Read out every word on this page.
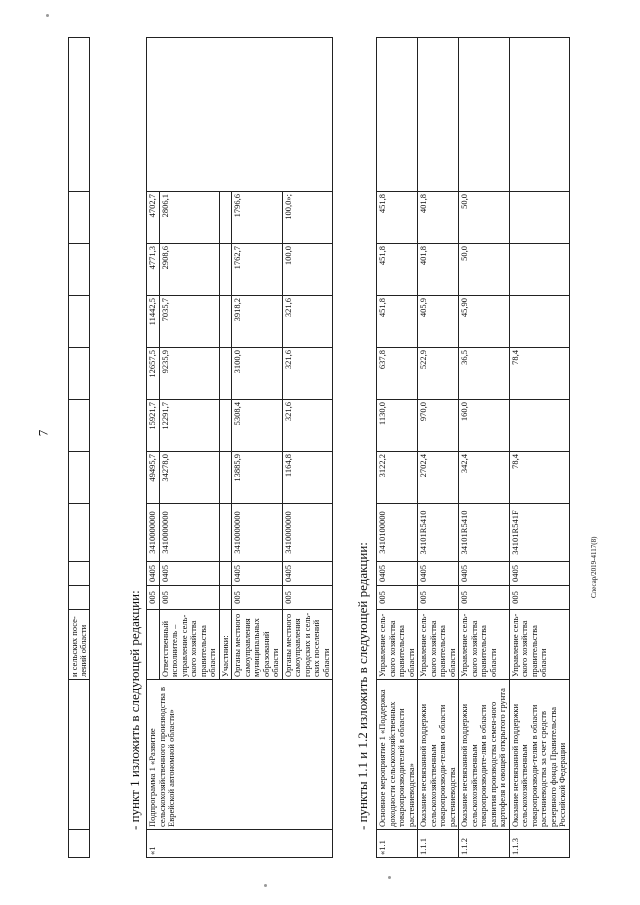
7
		и сельских посе- лений области											- пункт 1 изложить в следующей редакции:
«1	Подпрограмма 1 «Развитие сельскохозяйственного производства в Еврейской автономной области»		005	0405	3410000000	49495,7	15921,7	12657,5	11442,5	4771,3	4702,7	
		Ответственный исполнитель – управление сель-ского хозяйства правительства области	005	0405	3410000000	34278,0	12291,7	9235,9	7035,7	2908,6	2806,1	
		Участники:										
		Органы местного самоуправления муниципальных образований области	005	0405	3410000000	13885,9	5308,4	3100,0	3918,2	1762,7	1796,6	
		Органы местного самоуправления городских и сель-ских поселений области	005	0405	3410000000	1164,8	321,6	321,6	321,6	100,0	100,0»;	
- пункты 1.1 и 1.2 изложить в следующей редакции:
«1.1	Основное мероприятие 1 «Поддержка доходности сельскохозяйственных товаропроизводителей в области растениеводства»	Управление сель-ского хозяйства правительства области	005	0405	3410100000	3122,2	1130,0	637,8	451,8	451,8	451,8	
1.1.1	Оказание несвязанной поддержки сельскохозяйственным товаропроизводи-телям в области растениеводства	Управление сель-ского хозяйства правительства области	005	0405	34101R5410	2702,4	970,0	522,9	405,9	401,8	401,8	
1.1.2	Оказание несвязанной поддержки сельскохозяйственным товаропроизводите-лям в области развития производства семен-ного картофеля и овощей открытого грунта	Управление сель-ского хозяйства правительства области	005	0405	34101R5410	342,4	160,0	36,5	45,90	50,0	50,0	
1.1.3	Оказание несвязанной поддержки сельскохозяйственным товаропроизводи-телям в области растениеводства за счет средств резервного фонда Правительства Российской Федерации	Управление сель-ского хозяйства правительства области	005	0405	34101R541F	78,4		78,4				
Слесар/2019-4117(8)
